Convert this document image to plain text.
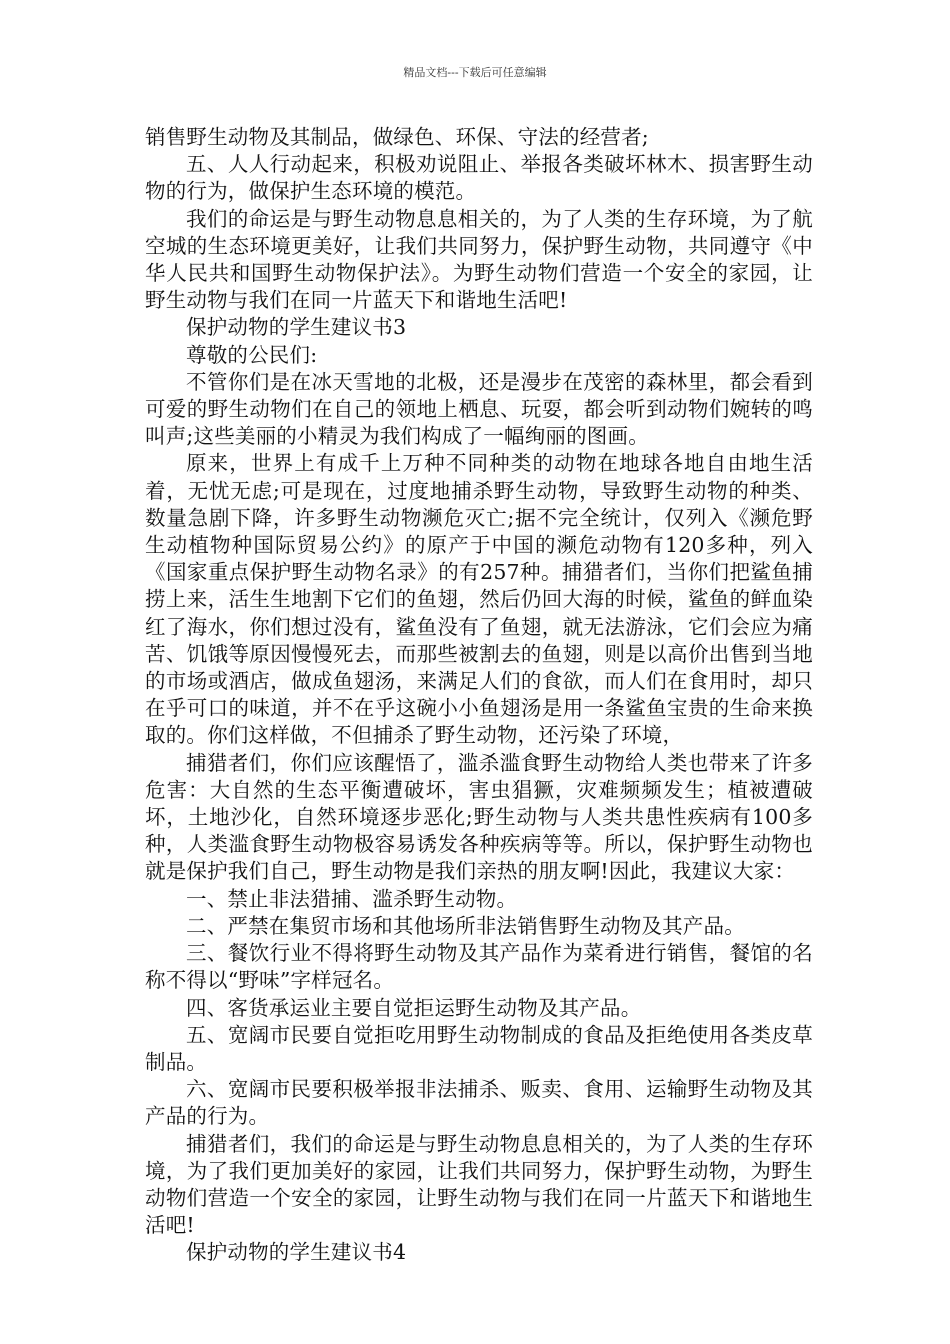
精品文档---下载后可任意编辑

销售野生动物及其制品，做绿色、环保、守法的经营者;

五、人人行动起来，积极劝说阻止、举报各类破坏林木、损害野生动物的行为，做保护生态环境的模范。

我们的命运是与野生动物息息相关的，为了人类的生存环境，为了航空城的生态环境更美好，让我们共同努力，保护野生动物，共同遵守《中华人民共和国野生动物保护法》。为野生动物们营造一个安全的家园，让野生动物与我们在同一片蓝天下和谐地生活吧!

保护动物的学生建议书3

尊敬的公民们:

不管你们是在冰天雪地的北极，还是漫步在茂密的森林里，都会看到可爱的野生动物们在自己的领地上栖息、玩耍，都会听到动物们婉转的鸣叫声;这些美丽的小精灵为我们构成了一幅绚丽的图画。

原来，世界上有成千上万种不同种类的动物在地球各地自由地生活着，无忧无虑;可是现在，过度地捕杀野生动物，导致野生动物的种类、数量急剧下降，许多野生动物濒危灭亡;据不完全统计，仅列入《濒危野生动植物种国际贸易公约》的原产于中国的濒危动物有120多种，列入《国家重点保护野生动物名录》的有257种。捕猎者们，当你们把鲨鱼捕捞上来，活生生地割下它们的鱼翅，然后仍回大海的时候，鲨鱼的鲜血染红了海水，你们想过没有，鲨鱼没有了鱼翅，就无法游泳，它们会应为痛苦、饥饿等原因慢慢死去，而那些被割去的鱼翅，则是以高价出售到当地的市场或酒店，做成鱼翅汤，来满足人们的食欲，而人们在食用时，却只在乎可口的味道，并不在乎这碗小小鱼翅汤是用一条鲨鱼宝贵的生命来换取的。你们这样做，不但捕杀了野生动物，还污染了环境，

捕猎者们，你们应该醒悟了，滥杀滥食野生动物给人类也带来了许多危害：大自然的生态平衡遭破坏，害虫猖獗，灾难频频发生；植被遭破坏，土地沙化，自然环境逐步恶化;野生动物与人类共患性疾病有100多种，人类滥食野生动物极容易诱发各种疾病等等。所以，保护野生动物也就是保护我们自己，野生动物是我们亲热的朋友啊!因此，我建议大家：

一、禁止非法猎捕、滥杀野生动物。

二、严禁在集贸市场和其他场所非法销售野生动物及其产品。

三、餐饮行业不得将野生动物及其产品作为菜肴进行销售，餐馆的名称不得以“野味”字样冠名。

四、客货承运业主要自觉拒运野生动物及其产品。

五、宽阔市民要自觉拒吃用野生动物制成的食品及拒绝使用各类皮草制品。

六、宽阔市民要积极举报非法捕杀、贩卖、食用、运输野生动物及其产品的行为。

捕猎者们，我们的命运是与野生动物息息相关的，为了人类的生存环境，为了我们更加美好的家园，让我们共同努力，保护野生动物，为野生动物们营造一个安全的家园，让野生动物与我们在同一片蓝天下和谐地生活吧!

保护动物的学生建议书4
